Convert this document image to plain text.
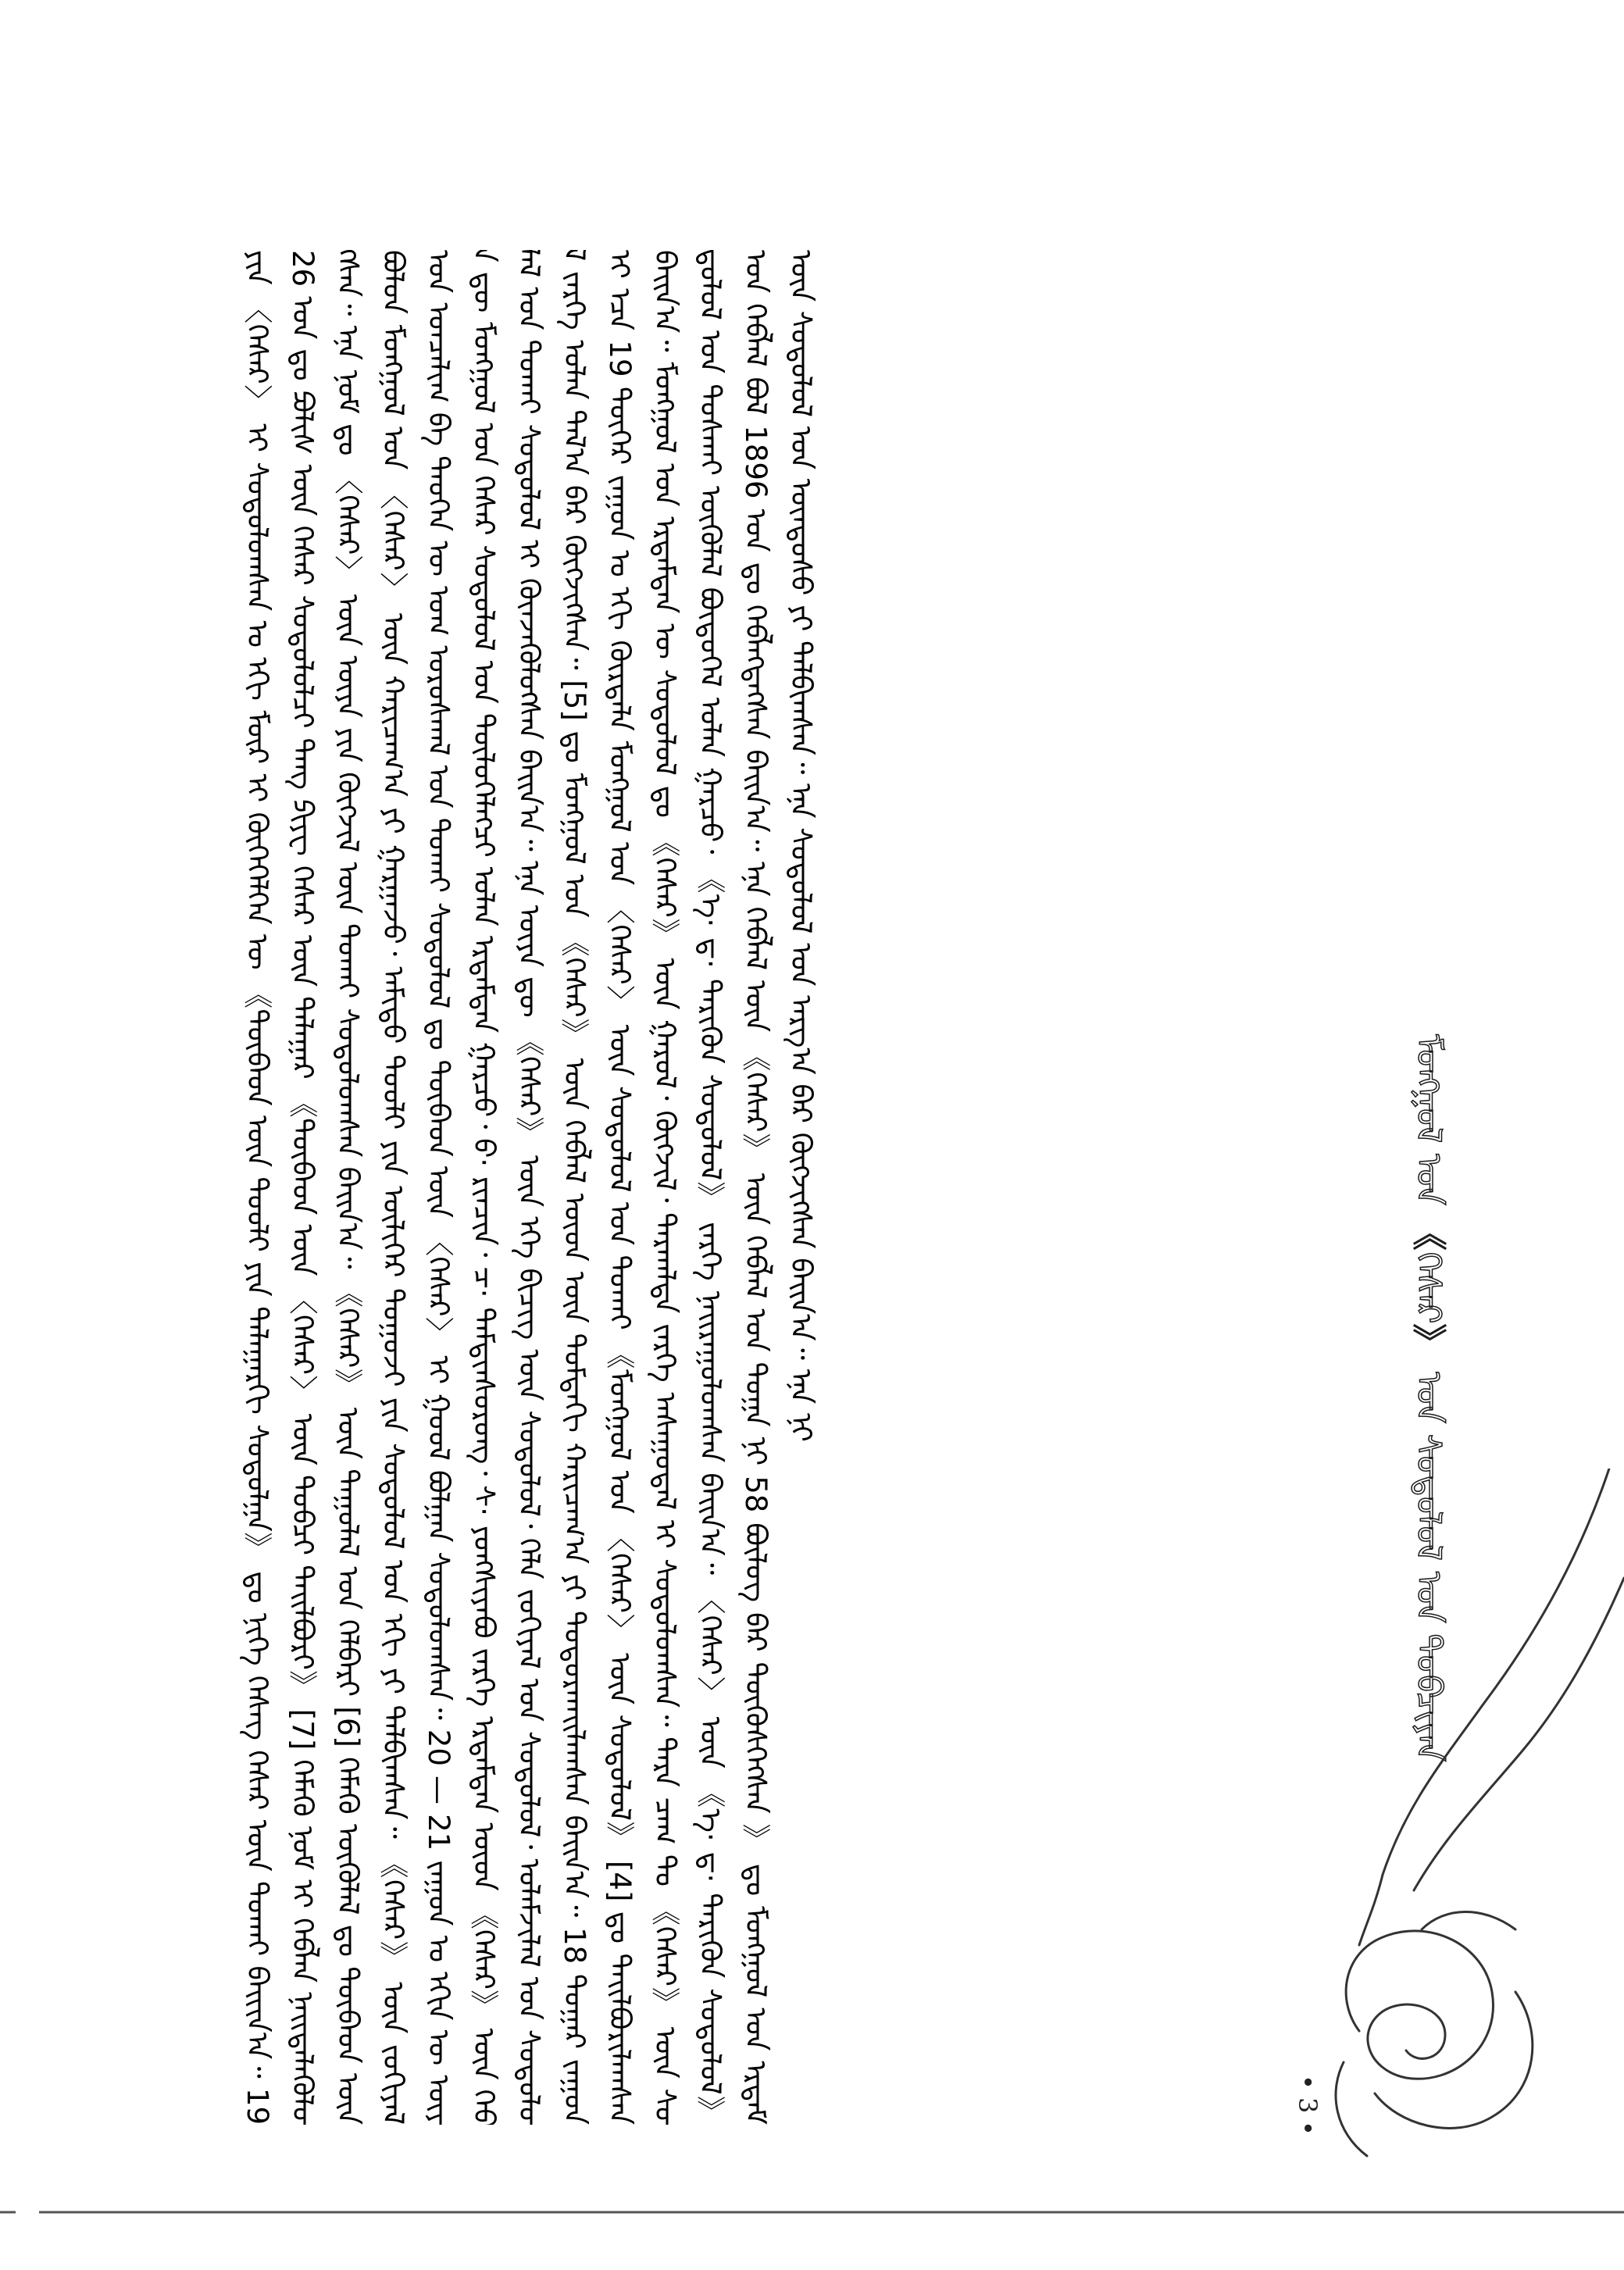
ᠶᠢᠨ 〈ᠭᠡᠰᠡᠷ〉 ᠢ ᠰᠤᠳᠤᠯᠤᠭᠰᠠᠨ ᠤ ᠡᠬᠢ ᠮᠥᠷ ᠢ ᠬᠥᠭᠡᠭᠡᠯᠭᠡᠨ ᠦ 《ᠲᠥᠪᠡᠳ ᠦᠨ ᠲᠤᠤᠯᠢ ᠶᠢᠨ ᠲᠠᠯᠠᠭᠠᠷᠬᠢ ᠰᠤᠳᠤᠯᠭᠠ》 ᠳᠤ ᠨᠢᠭᠡ ᠬᠡᠰᠡᠭ ᠭᠡᠰᠡᠷ ᠦᠨ ᠲᠤᠬᠠᠢ ᠪᠠᠢᠢᠨ᠎ᠠ᠃ 1926 ᠣᠨ ᠳᠤ ᠫᠣᠯᠢᠰ ᠦᠨ ᠭᠡᠰᠡᠷ ᠰᠤᠳᠤᠯᠤᠯᠴᠢ ᠳᠠᠩ ᠫᠢᠶᠧ ᠭᠡᠰᠡᠷ ᠦᠨ ᠲᠠᠯᠠᠭᠠᠷ 《ᠲᠥᠪᠡᠳ ᠦᠨ 〈ᠭᠡᠰᠡᠷ〉 ᠦᠨ ᠲᠣᠪᠴᠢ ᠲᠠᠢᠯᠪᠤᠷᠢ》 [7] ᠬᠡᠮᠡᠬᠦ ᠨᠣᠮ ᠢ ᠬᠡᠪᠯᠡᠨ ᠨᠡᠢᠲᠡᠯᠡᠭᠦᠯᠦᠭᠰᠡᠨ᠃ ᠡᠨᠡ ᠨᠣᠮ ᠳᠤ 〈ᠭᠡᠰᠡᠷ〉 ᠦᠨ ᠦᠶᠡ ᠶᠢᠨ ᠬᠥᠭᠵᠢᠯ ᠦᠨ ᠲᠤᠬᠠᠢ ᠰᠤᠳᠤᠯᠤᠭᠰᠠᠨ ᠪᠠᠢᠨ᠎ᠠ᠃ 《ᠭᠡᠰᠡᠷ》 ᠦᠨ ᠳᠠᠭᠤᠯᠠᠯ ᠤᠨ ᠬᠡᠯᠪᠡᠷᠢ [6] ᠬᠡᠮᠡᠬᠦ ᠥᠭᠦᠯᠡᠯ ᠳᠤ ᠲᠥᠪᠡᠳ ᠦᠨ ᠪᠣᠯᠤᠨ ᠮᠣᠩᠭᠣᠯ ᠤᠨ 〈ᠭᠡᠰᠡᠷ〉 ᠦᠨ ᠬᠠᠷᠢᠴᠠᠭ᠎ᠠ ᠶᠢ ᠭᠠᠷᠭᠠᠵᠤ᠂ ᠠᠮᠢᠳᠤ ᠳᠤᠤᠯᠢ ᠶᠢᠨ ᠦᠯᠢᠭᠡᠷ ᠲᠤᠭᠤᠵᠢ ᠶᠢᠨ ᠰᠤᠳᠤᠯᠤᠯ ᠤᠨ ᠡᠬᠢ ᠶᠢ ᠲᠠᠯᠪᠢᠭᠰᠠᠨ᠃ 《ᠭᠡᠰᠡᠷ》 ᠦᠨ ᠵᠣᠬᠢᠶᠠᠯ ᠤᠨ ᠣᠨᠴᠠᠯᠢᠭ ᠪᠠ ᠲᠡᠦᠬᠡᠨ ᠦ ᠤᠭ ᠤᠷᠤᠰᠬᠠᠯ ᠤᠨ ᠲᠤᠬᠠᠢ ᠰᠤᠳᠤᠯᠤᠯ ᠳᠤ ᠲᠥᠪᠡᠳ ᠦᠨ 〈ᠭᠡᠰᠡᠷ〉 ᠢ ᠭᠣᠣᠯ ᠪᠣᠯᠭᠠᠨ ᠰᠤᠳᠤᠯᠤᠭᠰᠠᠨ᠃ 20 — 21 ᠵᠠᠭᠤᠨ ᠤ ᠡᠬᠢᠨ ᠦ ᠦᠶᠡ ᠳᠦ ᠮᠣᠩᠭᠣᠯ ᠤᠨ ᠭᠡᠰᠡᠷ ᠰᠤᠳᠤᠯᠤᠯ ᠤᠨ ᠲᠥᠯᠦᠭᠡᠯᠡᠭᠴᠢ ᠤᠯᠠᠨ ᠡᠷᠳᠡᠮᠲᠡᠨ ᠭᠠᠷᠴᠤ᠂ ᠪ· ᠷᠢᠨᠴᠢᠨ᠂ ᠴ· ᠳᠠᠮᠳᠢᠨᠰᠦᠷᠦᠩ᠂ ᠰ· ᠶᠣᠩᠰᠢᠶᠡᠪᠦ ᠵᠡᠷᠭᠡ ᠡᠷᠳᠡᠮᠲᠡᠨ ᠦᠳ 《ᠭᠡᠰᠡᠷ》 ᠦᠨ ᠬᠡᠪᠯᠡᠯ ᠤᠨ ᠲᠤᠬᠠᠢ ᠰᠤᠳᠤᠯᠤᠯ ᠢ ᠭᠦᠨᠵᠡᠭᠦᠯᠦᠭᠰᠡᠨ ᠪᠠᠢᠨ᠎ᠠ᠃ ᠡᠨᠡ ᠦᠶᠡ ᠳᠦ 《ᠭᠡᠰᠡᠷ》 ᠦᠨ ᠡᠬᠡ ᠪᠢᠴᠢᠭ ᠦᠨ ᠰᠤᠳᠤᠯᠤᠯ᠂ ᠬᠡᠯᠡ ᠵᠣᠬᠢᠶᠠᠯ ᠤᠨ ᠰᠤᠳᠤᠯᠤᠯ᠂ ᠤᠯᠠᠮᠵᠢᠯᠠᠯ ᠤᠨ ᠰᠤᠳᠤᠯᠤᠯ ᠵᠡᠷᠭᠡ ᠣᠯᠠᠨ ᠲᠠᠯ᠎ᠠ ᠪᠠᠷ ᠬᠥᠭᠵᠢᠭᠰᠡᠨ᠃ [5] ᠳᠤ ᠮᠣᠩᠭᠣᠯ ᠤᠨ 《ᠭᠡᠰᠡᠷ》 ᠦᠨ ᠬᠡᠪᠯᠡᠯ ᠦᠳ ᠦᠨ ᠳᠤᠮᠳᠠᠬᠢ ᠬᠠᠷᠢᠴᠠᠭ᠎ᠠ ᠶᠢ ᠲᠣᠳᠤᠷᠬᠠᠢᠯᠠᠭᠰᠠᠨ ᠪᠠᠢᠨ᠎ᠠ᠃ 18 ᠳᠤᠭᠠᠷ ᠵᠠᠭᠤᠨ ᠢ ᠡᠴᠡ 19 ᠳᠦᠭᠡᠷ ᠵᠠᠭᠤᠨ ᠤ ᠡᠬᠢ ᠬᠦᠷᠲᠡᠯᠡ ᠮᠣᠩᠭᠣᠯ ᠤᠨ 〈ᠭᠡᠰᠡᠷ〉 ᠦᠨ ᠰᠤᠳᠤᠯᠤᠯ ᠤᠨ ᠲᠤᠬᠠᠢ 《ᠮᠣᠩᠭᠣᠯ ᠤᠨ 〈ᠭᠡᠰᠡᠷ〉 ᠦᠨ ᠰᠤᠳᠤᠯᠤᠯ》 [4] ᠳᠤ ᠲᠠᠢᠯᠪᠤᠷᠢᠯᠠᠭᠰᠠᠨ ᠪᠠᠢᠨ᠎ᠠ᠃ ᠮᠣᠩᠭᠣᠯ ᠤᠨ ᠡᠷᠳᠡᠮᠲᠡᠨ ᠦ ᠰᠤᠳᠤᠯᠤᠯ ᠳᠤ 《ᠭᠡᠰᠡᠷ》 ᠦᠨ ᠭᠠᠷᠤᠯ᠂ ᠬᠥᠭᠵᠢᠯ᠂ ᠲᠠᠷᠬᠠᠯᠲᠠ ᠵᠡᠷᠭᠡ ᠠᠰᠠᠭᠤᠳᠠᠯ ᠢ ᠰᠤᠳᠤᠯᠤᠭᠰᠠᠨ᠃ ᠲᠡᠷᠡ ᠴᠠᠭ ᠲᠤ 《ᠭᠡᠰᠡᠷ》 ᠦᠨ ᠰᠤᠳᠤᠯᠤᠯ ᠤᠨ ᠲᠤᠰᠬᠠᠢ ᠥᠭᠦᠯᠡᠯ ᠪᠦᠲᠦᠭᠡᠯ ᠣᠯᠠᠨ ᠭᠠᠷᠴᠤ᠂ 《ᠡ· ᠳ· ᠲᠡᠷᠢᠭᠦᠨ ᠰᠤᠳᠤᠯᠤᠯ》 ᠵᠡᠷᠭᠡ ᠨᠠᠢᠷᠠᠭᠤᠯᠤᠭᠰᠠᠨ ᠪᠠᠢᠨ᠎ᠠ᠃ 〈ᠭᠡᠰᠡᠷ〉 ᠦᠨ 《ᠡ· ᠳ· ᠲᠡᠷᠢᠭᠦᠨ ᠰᠤᠳᠤᠯᠤᠯ》 ᠤᠨ ᠬᠡᠪᠯᠡᠯ ᠪᠣᠯ 1896 ᠣᠨ ᠳᠤ ᠬᠡᠪᠯᠡᠭᠳᠡᠭᠰᠡᠨ ᠪᠠᠢᠨ᠎ᠠ᠃ ᠡᠨᠡ ᠬᠡᠪᠯᠡᠯ ᠦᠨ 《ᠭᠡᠰᠡᠷ》 ᠦᠨ ᠬᠡᠪᠯᠡᠯ ᠤᠨ ᠲᠣᠭᠠ ᠨᠢ 58 ᠪᠦᠯᠦᠭ ᠪᠡᠷ ᠲᠥᠭᠦᠰᠬᠡᠭᠰᠡᠨ 》 ᠳᠤ ᠮᠣᠩᠭᠣᠯ ᠤᠨ ᠡᠷᠳᠡᠮ ᠦᠨ ᠰᠤᠳᠤᠯᠤᠯ ᠤᠨ ᠦᠨᠳᠦᠰᠦ ᠶᠢ ᠲᠠᠯᠪᠢᠭᠰᠠᠨ᠃ ᠡᠨᠡ ᠰᠤᠳᠤᠯᠤᠯ ᠤᠨ ᠠᠷᠭ᠎ᠠ ᠪᠠᠷ ᠬᠥᠭᠵᠢᠭᠰᠡᠨ ᠪᠠᠢᠨ᠎ᠠ᠃ ᠡᠨᠡ ᠨᠢ	ᠮᠣᠩᠭᠣᠯ ᠤᠨ 《ᠭᠡᠰᠡᠷ》 ᠤᠨ ᠰᠤᠳᠤᠯᠤᠯ ᠤᠨ ᠲᠣᠪᠴᠢᠶᠠᠨ
• 3 •
